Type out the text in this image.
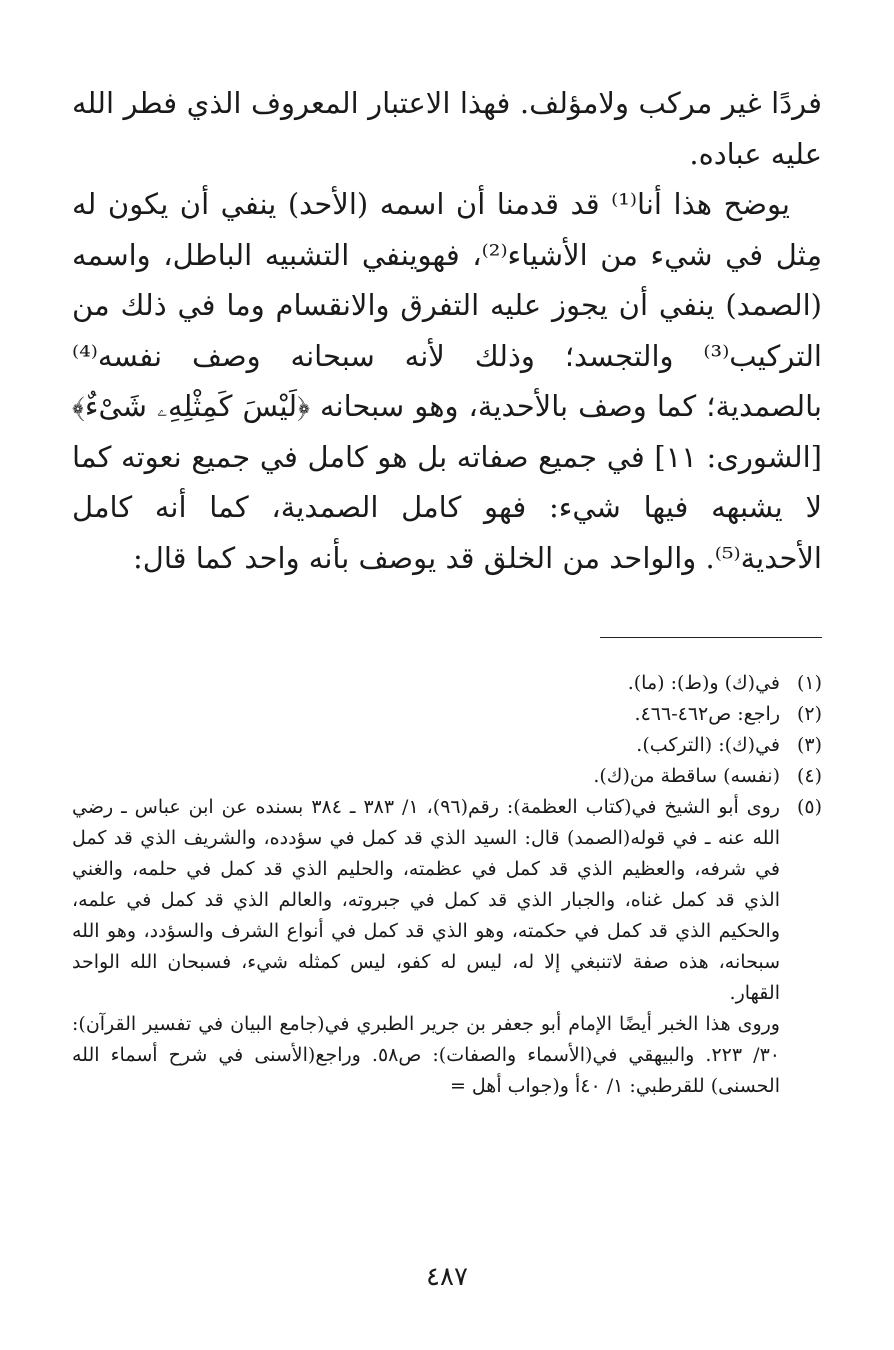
فردًا غير مركب ولامؤلف. فهذا الاعتبار المعروف الذي فطر الله عليه عباده.

يوضح هذا أنا⁽¹⁾ قد قدمنا أن اسمه (الأحد) ينفي أن يكون له مِثل في شيء من الأشياء⁽²⁾، فهوينفي التشبيه الباطل، واسمه (الصمد) ينفي أن يجوز عليه التفرق والانقسام وما في ذلك من التركيب⁽³⁾ والتجسد؛ وذلك لأنه سبحانه وصف نفسه⁽⁴⁾ بالصمدية؛ كما وصف بالأحدية، وهو سبحانه ﴿لَيْسَ كَمِثْلِهِۦ شَىْءٌ﴾ [الشورى: ١١] في جميع صفاته بل هو كامل في جميع نعوته كما لا يشبهه فيها شيء: فهو كامل الصمدية، كما أنه كامل الأحدية⁽⁵⁾. والواحد من الخلق قد يوصف بأنه واحد كما قال:

(١)
في(ك) و(ط): (ما).
(٢)
راجع: ص٤٦٢-٤٦٦.
(٣)
في(ك): (التركب).
(٤)
(نفسه) ساقطة من(ك).
(٥)
روى أبو الشيخ في(كتاب العظمة): رقم(٩٦)، ١/ ٣٨٣ ـ ٣٨٤ بسنده عن ابن عباس ـ رضي الله عنه ـ في قوله(الصمد) قال: السيد الذي قد كمل في سؤدده، والشريف الذي قد كمل في شرفه، والعظيم الذي قد كمل في عظمته، والحليم الذي قد كمل في حلمه، والغني الذي قد كمل غناه، والجبار الذي قد كمل في جبروته، والعالم الذي قد كمل في علمه، والحكيم الذي قد كمل في حكمته، وهو الذي قد كمل في أنواع الشرف والسؤدد، وهو الله سبحانه، هذه صفة لاتنبغي إلا له، ليس له كفو، ليس كمثله شيء، فسبحان الله الواحد القهار.
وروى هذا الخبر أيضًا الإمام أبو جعفر بن جرير الطبري في(جامع البيان في تفسير القرآن): ٣٠/ ٢٢٣. والبيهقي في(الأسماء والصفات): ص٥٨. وراجع(الأسنى في شرح أسماء الله الحسنى) للقرطبي: ١/ ٤٠أ و(جواب أهل =
٤٨٧
